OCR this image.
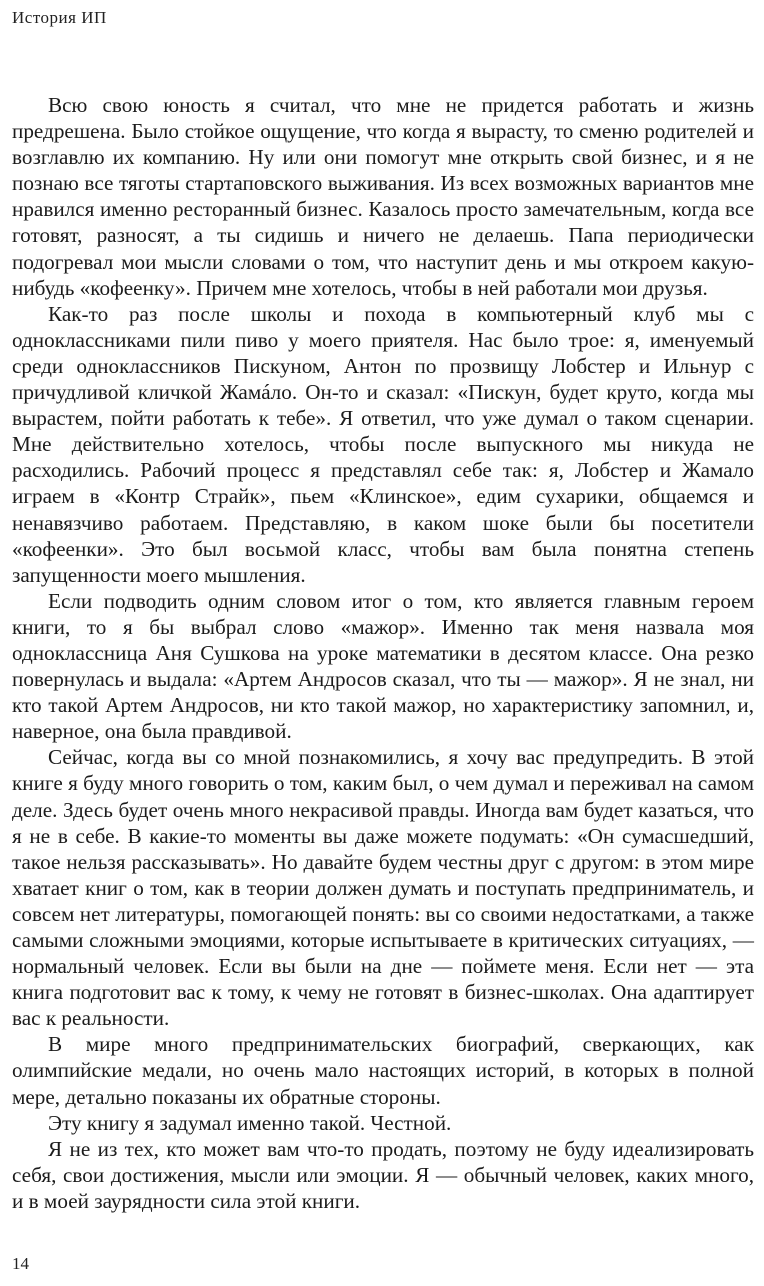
История ИП

Всю свою юность я считал, что мне не придется работать и жизнь предрешена. Было стойкое ощущение, что когда я вырасту, то сменю родителей и возглавлю их компанию. Ну или они помогут мне открыть свой бизнес, и я не познаю все тяготы стартаповского выживания. Из всех возможных вариантов мне нравился именно ресторанный бизнес. Казалось просто замечательным, когда все готовят, разносят, а ты сидишь и ничего не делаешь. Папа периодически подогревал мои мысли словами о том, что наступит день и мы откроем какую-нибудь «кофеенку». Причем мне хотелось, чтобы в ней работали мои друзья.

Как-то раз после школы и похода в компьютерный клуб мы с одноклассниками пили пиво у моего приятеля. Нас было трое: я, именуемый среди одноклассников Пискуном, Антон по прозвищу Лобстер и Ильнур с причудливой кличкой Жамáло. Он-то и сказал: «Пискун, будет круто, когда мы вырастем, пойти работать к тебе». Я ответил, что уже думал о таком сценарии. Мне действительно хотелось, чтобы после выпускного мы никуда не расходились. Рабочий процесс я представлял себе так: я, Лобстер и Жамало играем в «Контр Страйк», пьем «Клинское», едим сухарики, общаемся и ненавязчиво работаем. Представляю, в каком шоке были бы посетители «кофеенки». Это был восьмой класс, чтобы вам была понятна степень запущенности моего мышления.

Если подводить одним словом итог о том, кто является главным героем книги, то я бы выбрал слово «мажор». Именно так меня назвала моя одноклассница Аня Сушкова на уроке математики в десятом классе. Она резко повернулась и выдала: «Артем Андросов сказал, что ты — мажор». Я не знал, ни кто такой Артем Андросов, ни кто такой мажор, но характеристику запомнил, и, наверное, она была правдивой.

Сейчас, когда вы со мной познакомились, я хочу вас предупредить. В этой книге я буду много говорить о том, каким был, о чем думал и переживал на самом деле. Здесь будет очень много некрасивой правды. Иногда вам будет казаться, что я не в себе. В какие-то моменты вы даже можете подумать: «Он сумасшедший, такое нельзя рассказывать». Но давайте будем честны друг с другом: в этом мире хватает книг о том, как в теории должен думать и поступать предприниматель, и совсем нет литературы, помогающей понять: вы со своими недостатками, а также самыми сложными эмоциями, которые испытываете в критических ситуациях, — нормальный человек. Если вы были на дне — поймете меня. Если нет — эта книга подготовит вас к тому, к чему не готовят в бизнес-школах. Она адаптирует вас к реальности.

В мире много предпринимательских биографий, сверкающих, как олимпийские медали, но очень мало настоящих историй, в которых в полной мере, детально показаны их обратные стороны.

Эту книгу я задумал именно такой. Честной.

Я не из тех, кто может вам что-то продать, поэтому не буду идеализировать себя, свои достижения, мысли или эмоции. Я — обычный человек, каких много, и в моей заурядности сила этой книги.

14
